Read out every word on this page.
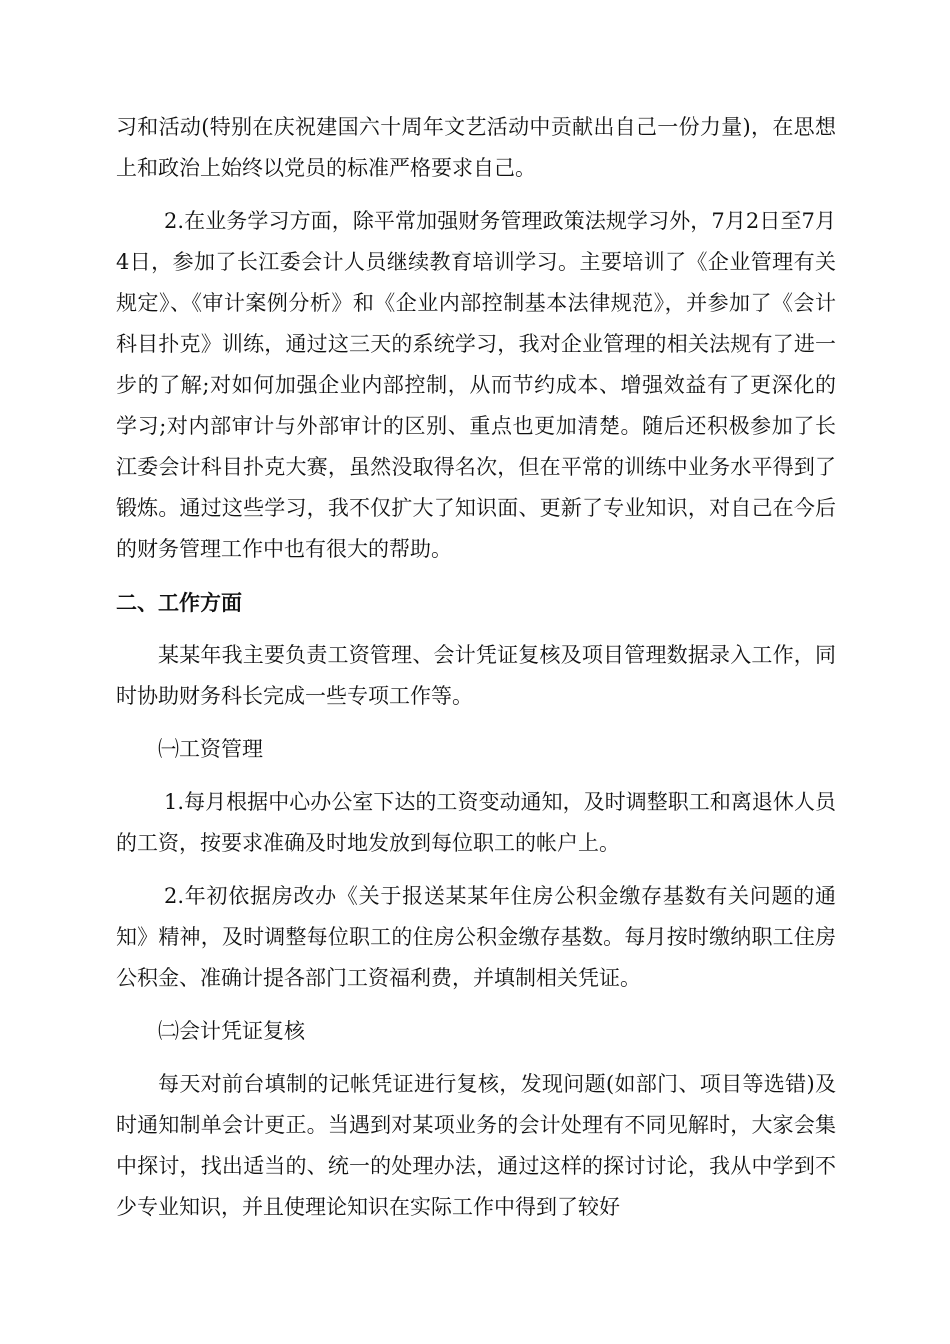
习和活动(特别在庆祝建国六十周年文艺活动中贡献出自己一份力量)，在思想上和政治上始终以党员的标准严格要求自己。

2.在业务学习方面，除平常加强财务管理政策法规学习外，7月2日至7月4日，参加了长江委会计人员继续教育培训学习。主要培训了《企业管理有关规定》、《审计案例分析》和《企业内部控制基本法律规范》，并参加了《会计科目扑克》训练，通过这三天的系统学习，我对企业管理的相关法规有了进一步的了解;对如何加强企业内部控制，从而节约成本、增强效益有了更深化的学习;对内部审计与外部审计的区别、重点也更加清楚。随后还积极参加了长江委会计科目扑克大赛，虽然没取得名次，但在平常的训练中业务水平得到了锻炼。通过这些学习，我不仅扩大了知识面、更新了专业知识，对自己在今后的财务管理工作中也有很大的帮助。

二、工作方面

某某年我主要负责工资管理、会计凭证复核及项目管理数据录入工作，同时协助财务科长完成一些专项工作等。

㈠工资管理

1.每月根据中心办公室下达的工资变动通知，及时调整职工和离退休人员的工资，按要求准确及时地发放到每位职工的帐户上。

2.年初依据房改办《关于报送某某年住房公积金缴存基数有关问题的通知》精神，及时调整每位职工的住房公积金缴存基数。每月按时缴纳职工住房公积金、准确计提各部门工资福利费，并填制相关凭证。

㈡会计凭证复核

每天对前台填制的记帐凭证进行复核，发现问题(如部门、项目等选错)及时通知制单会计更正。当遇到对某项业务的会计处理有不同见解时，大家会集中探讨，找出适当的、统一的处理办法，通过这样的探讨讨论，我从中学到不少专业知识，并且使理论知识在实际工作中得到了较好
